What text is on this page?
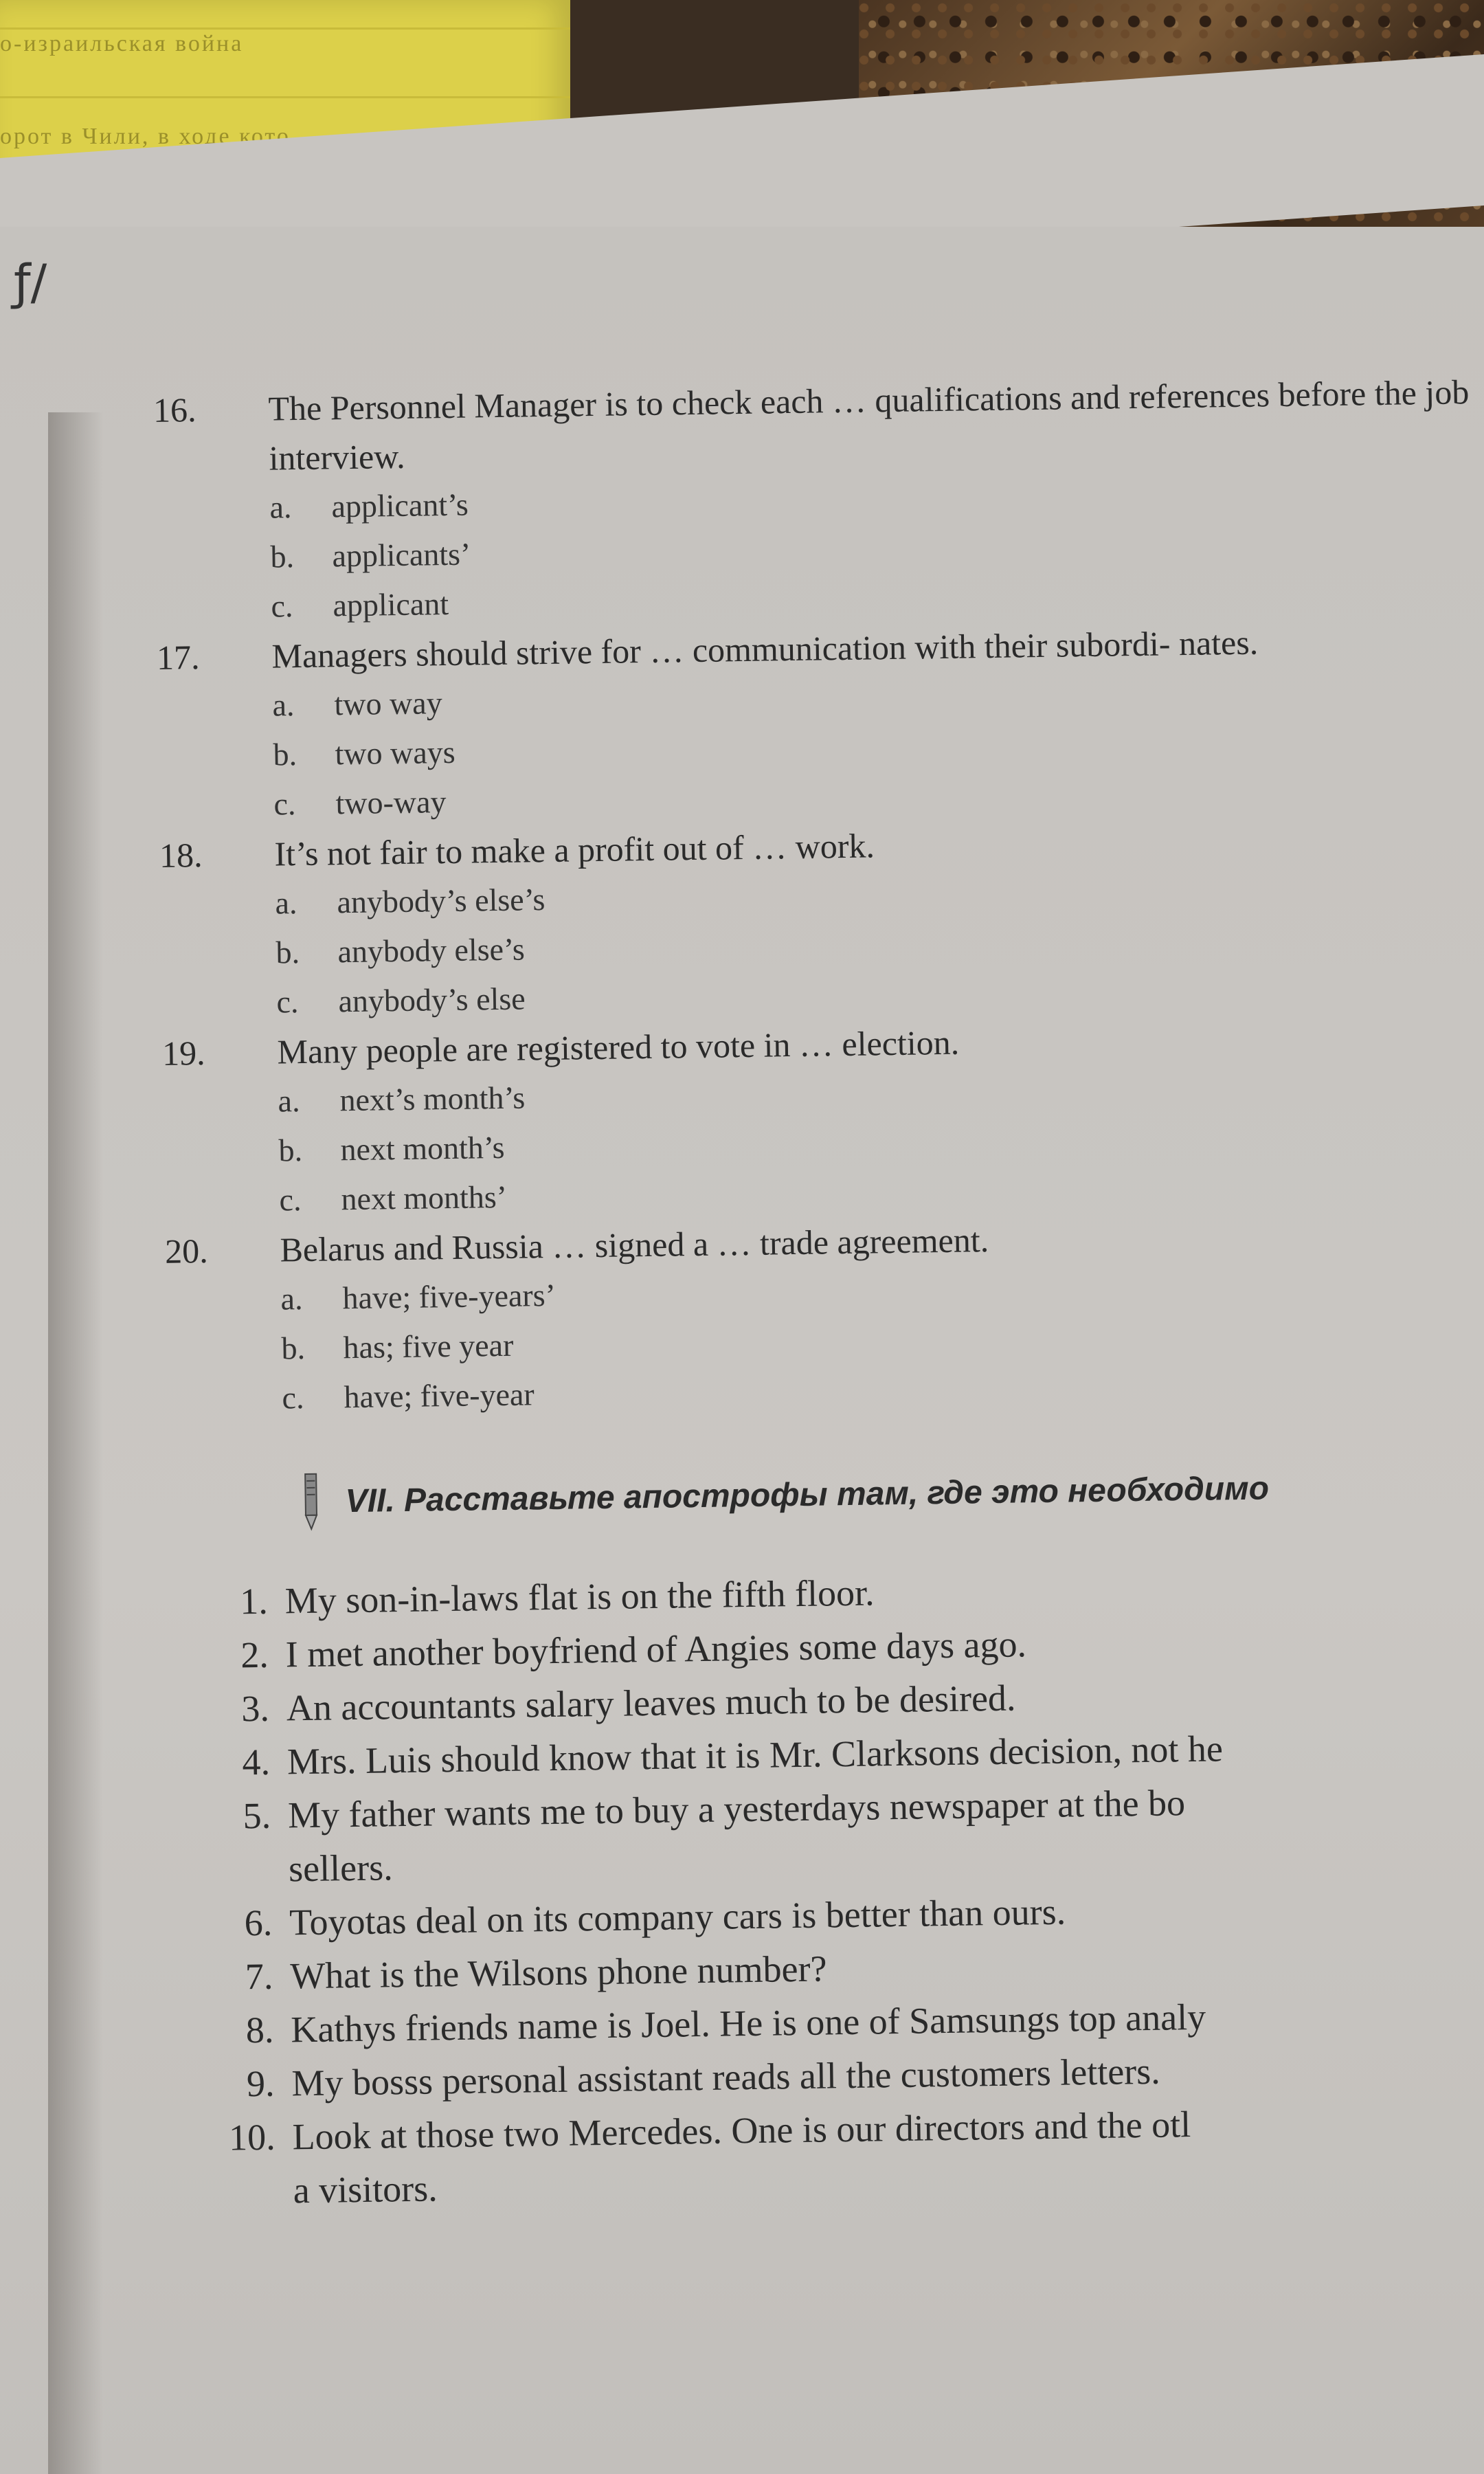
о-израильская война
орот в Чили, в ходе кото
ƒ/

16.	The Personnel Manager is to check each … qualifications and references before the job interview.

a.	applicant’s
b.	applicants’
c.	applicant

17.	Managers should strive for … communication with their subordi- nates.

a.	two way
b.	two ways
c.	two-way

18.	It’s not fair to make a profit out of … work.

a.	anybody’s else’s
b.	anybody else’s
c.	anybody’s else

19.	Many people are registered to vote in … election.

a.	next’s month’s
b.	next month’s
c.	next months’

20.	Belarus and Russia … signed a … trade agreement.

a.	have; five-years’
b.	has; five year
c.	have; five-year
VII. Расставьте апострофы там, где это необходимо
1. My son-in-laws flat is on the fifth floor.
2. I met another boyfriend of Angies some days ago.
3. An accountants salary leaves much to be desired.
4. Mrs. Luis should know that it is Mr. Clarksons decision, not he
5. My father wants me to buy a yesterdays newspaper at the bo
sellers.
6. Toyotas deal on its company cars is better than ours.
7. What is the Wilsons phone number?
8. Kathys friends name is Joel. He is one of Samsungs top analy
9. My bosss personal assistant reads all the customers letters.
10. Look at those two Mercedes. One is our directors and the otl
a visitors.
